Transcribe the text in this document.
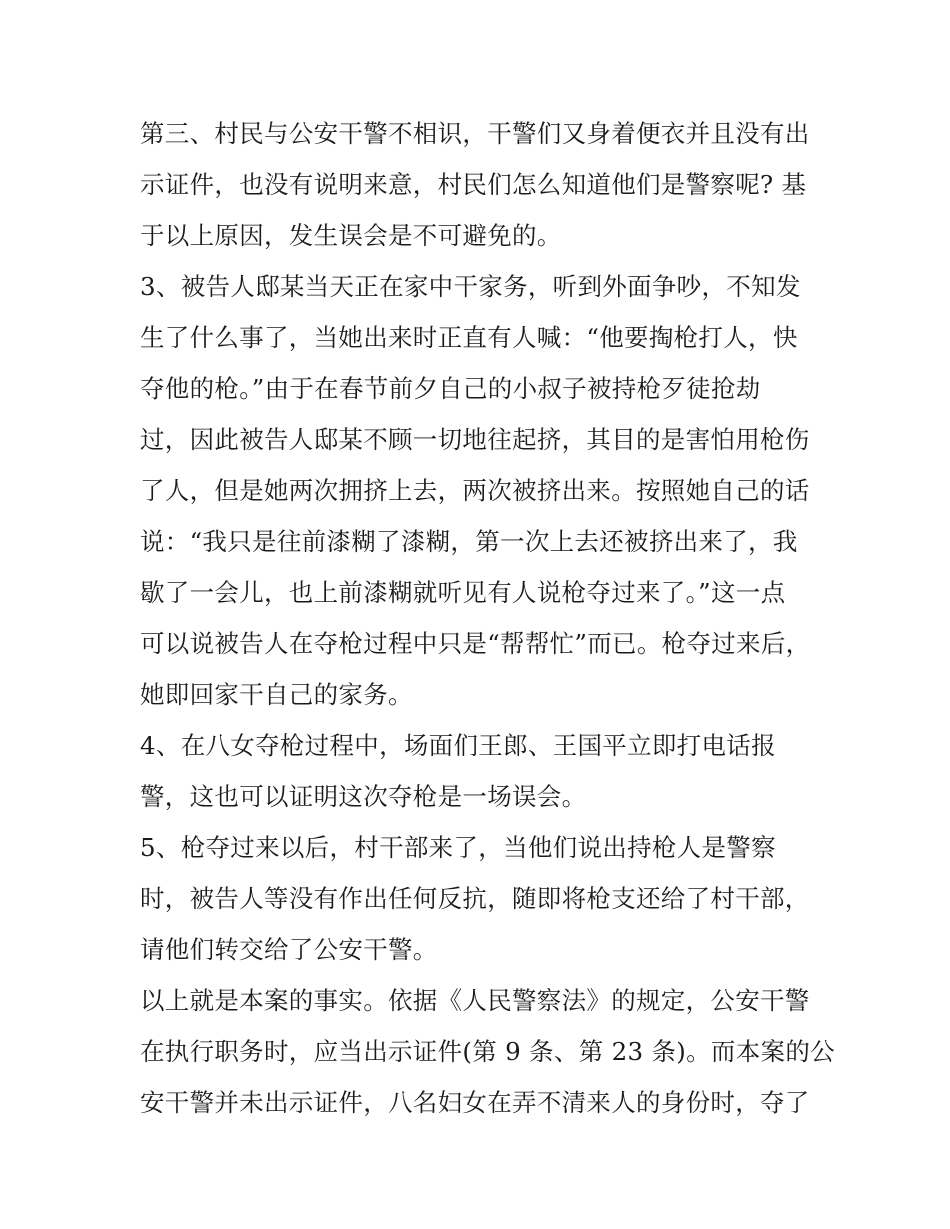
第三、村民与公安干警不相识，干警们又身着便衣并且没有出
示证件，也没有说明来意，村民们怎么知道他们是警察呢? 基
于以上原因，发生误会是不可避免的。
3、被告人邸某当天正在家中干家务，听到外面争吵，不知发
生了什么事了，当她出来时正直有人喊：“他要掏枪打人，快
夺他的枪。”由于在春节前夕自己的小叔子被持枪歹徒抢劫
过，因此被告人邸某不顾一切地往起挤，其目的是害怕用枪伤
了人，但是她两次拥挤上去，两次被挤出来。按照她自己的话
说：“我只是往前漆糊了漆糊，第一次上去还被挤出来了，我
歇了一会儿，也上前漆糊就听见有人说枪夺过来了。”这一点
可以说被告人在夺枪过程中只是“帮帮忙”而已。枪夺过来后，
她即回家干自己的家务。
4、在八女夺枪过程中，场面们王郎、王国平立即打电话报
警，这也可以证明这次夺枪是一场误会。
5、枪夺过来以后，村干部来了，当他们说出持枪人是警察
时，被告人等没有作出任何反抗，随即将枪支还给了村干部，
请他们转交给了公安干警。
以上就是本案的事实。依据《人民警察法》的规定，公安干警
在执行职务时，应当出示证件(第 9 条、第 23 条)。而本案的公
安干警并未出示证件，八名妇女在弄不清来人的身份时，夺了
